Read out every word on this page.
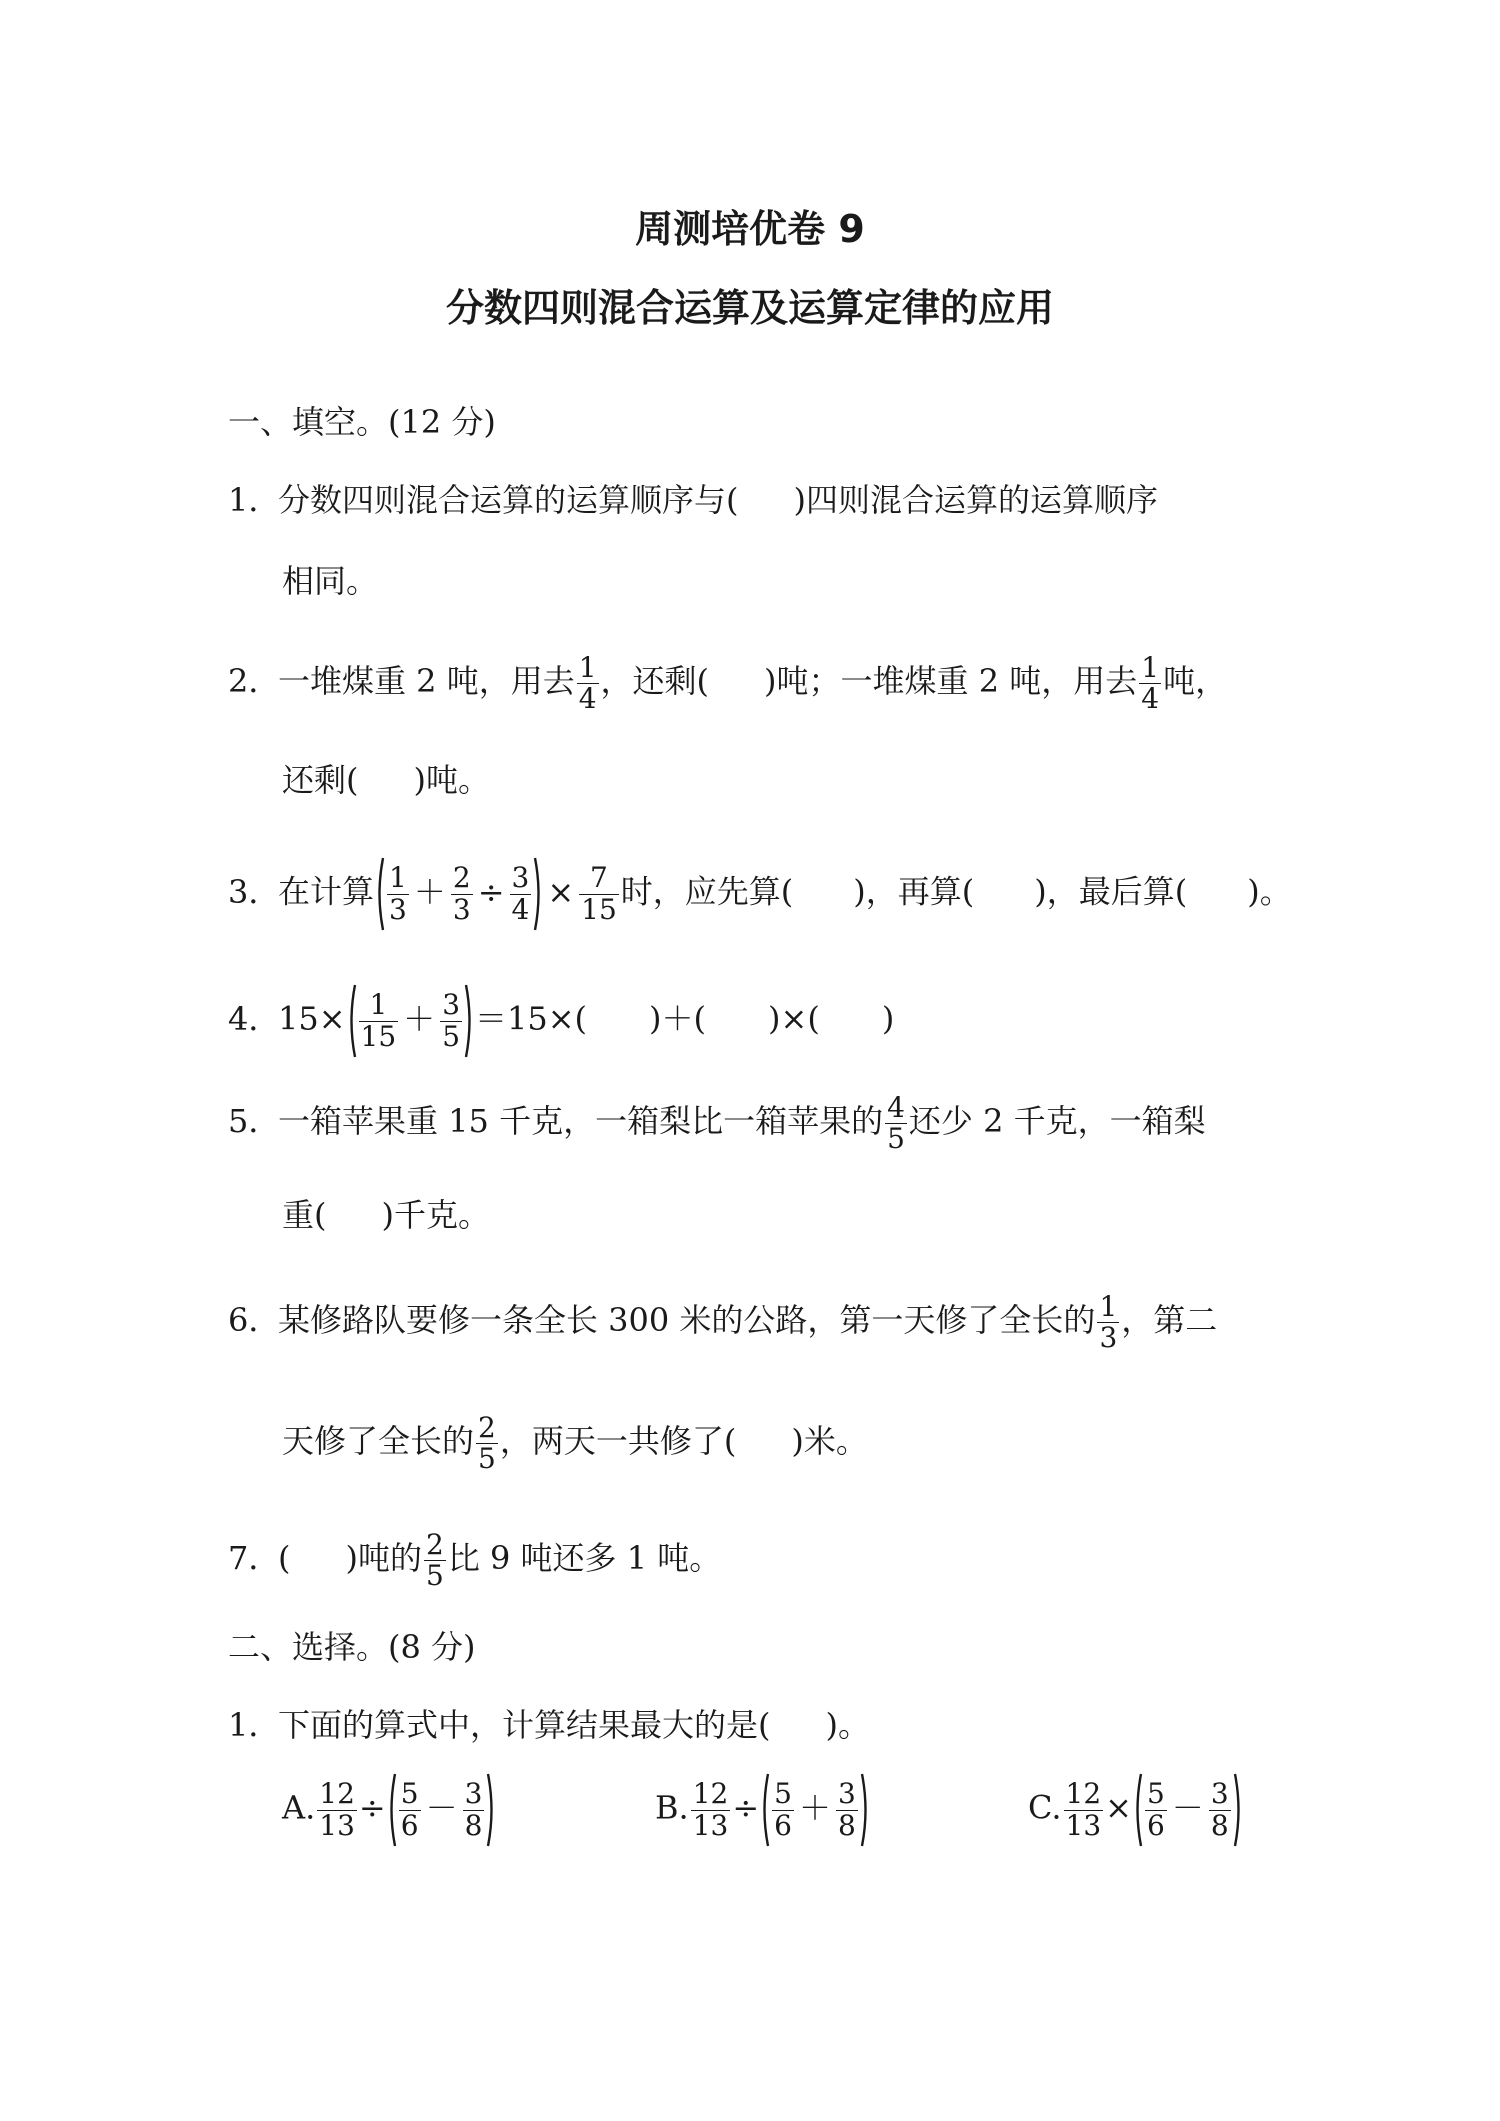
周测培优卷 9
分数四则混合运算及运算定律的应用
一、填空。(12 分)
1．分数四则混合运算的运算顺序与( )四则混合运算的运算顺序
相同。
2．一堆煤重 2 吨，用去 $\frac{1}{4}$ ，还剩( )吨；一堆煤重 2 吨，用去 $\frac{1}{4}$ 吨，
还剩( )吨。
3．在计算 $\frac{1}{3} + \frac{2}{3} \div \frac{3}{4} \times \frac{7}{15}$ 时，应先算( )，再算( )，最后算( )。
4．$15\times \frac{1}{15} + \frac{3}{5} =15\times$( )＋( )×( )
5．一箱苹果重 15 千克，一箱梨比一箱苹果的 $\frac{4}{5}$ 还少 2 千克，一箱梨
重( )千克。
6．某修路队要修一条全长 300 米的公路，第一天修了全长的 $\frac{1}{3}$ ，第二
天修了全长的 $\frac{2}{5}$ ，两天一共修了( )米。
7．( )吨的 $\frac{2}{5}$ 比 9 吨还多 1 吨。
二、选择。(8 分)
1．下面的算式中，计算结果最大的是( )。
A. $\frac{12}{13} \div \frac{5}{6} - \frac{3}{8}$	B. $\frac{12}{13} \div \frac{5}{6} + \frac{3}{8}$	C. $\frac{12}{13} \times \frac{5}{6} - \frac{3}{8}$
